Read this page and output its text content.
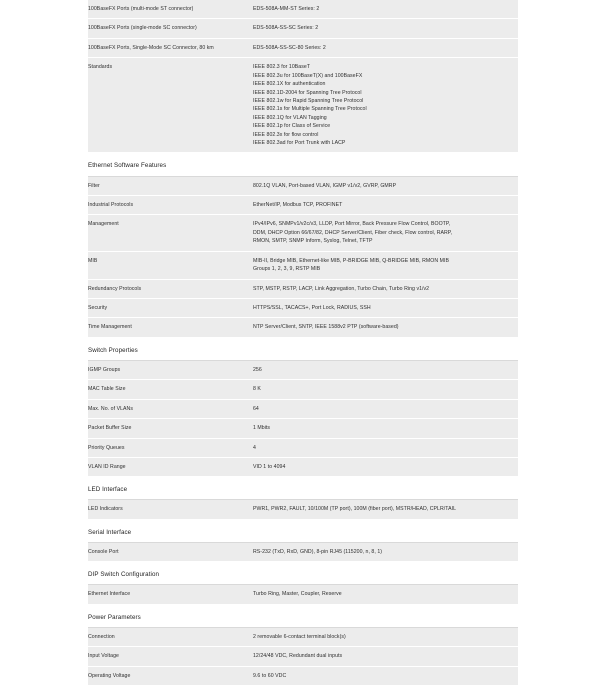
100BaseFX Ports (multi-mode ST connector)	EDS-508A-MM-ST Series: 2

100BaseFX Ports (single-mode SC connector)	EDS-508A-SS-SC Series: 2

100BaseFX Ports, Single-Mode SC Connector, 80 km	EDS-508A-SS-SC-80 Series: 2

Standards	IEEE 802.3 for 10BaseT
IEEE 802.3u for 100BaseT(X) and 100BaseFX
IEEE 802.1X for authentication
IEEE 802.1D-2004 for Spanning Tree Protocol
IEEE 802.1w for Rapid Spanning Tree Protocol
IEEE 802.1s for Multiple Spanning Tree Protocol
IEEE 802.1Q for VLAN Tagging
IEEE 802.1p for Class of Service
IEEE 802.3x for flow control
IEEE 802.3ad for Port Trunk with LACP

Ethernet Software Features	
Filter	802.1Q VLAN, Port-based VLAN, IGMP v1/v2, GVRP, GMRP

Industrial Protocols	EtherNet/IP, Modbus TCP, PROFINET

Management	IPv4/IPv6, SNMPv1/v2c/v3, LLDP, Port Mirror, Back Pressure Flow Control, BOOTP,
DDM, DHCP Option 66/67/82, DHCP Server/Client, Fiber check, Flow control, RARP,
RMON, SMTP, SNMP Inform, Syslog, Telnet, TFTP

MIB	MIB-II, Bridge MIB, Ethernet-like MIB, P-BRIDGE MIB, Q-BRIDGE MIB, RMON MIB
Groups 1, 2, 3, 9, RSTP MIB

Redundancy Protocols	STP, MSTP, RSTP, LACP, Link Aggregation, Turbo Chain, Turbo Ring v1/v2

Security	HTTPS/SSL, TACACS+, Port Lock, RADIUS, SSH

Time Management	NTP Server/Client, SNTP, IEEE 1588v2 PTP (software-based)

Switch Properties	
IGMP Groups	256

MAC Table Size	8 K

Max. No. of VLANs	64

Packet Buffer Size	1 Mbits

Priority Queues	4

VLAN ID Range	VID 1 to 4094

LED Interface	
LED Indicators	PWR1, PWR2, FAULT, 10/100M (TP port), 100M (fiber port), MSTR/HEAD, CPLR/TAIL

Serial Interface	
Console Port	RS-232 (TxD, RxD, GND), 8-pin RJ45 (115200, n, 8, 1)

DIP Switch Configuration	
Ethernet Interface	Turbo Ring, Master, Coupler, Reserve

Power Parameters	
Connection	2 removable 6-contact terminal block(s)

Input Voltage	12/24/48 VDC, Redundant dual inputs

Operating Voltage	9.6 to 60 VDC
